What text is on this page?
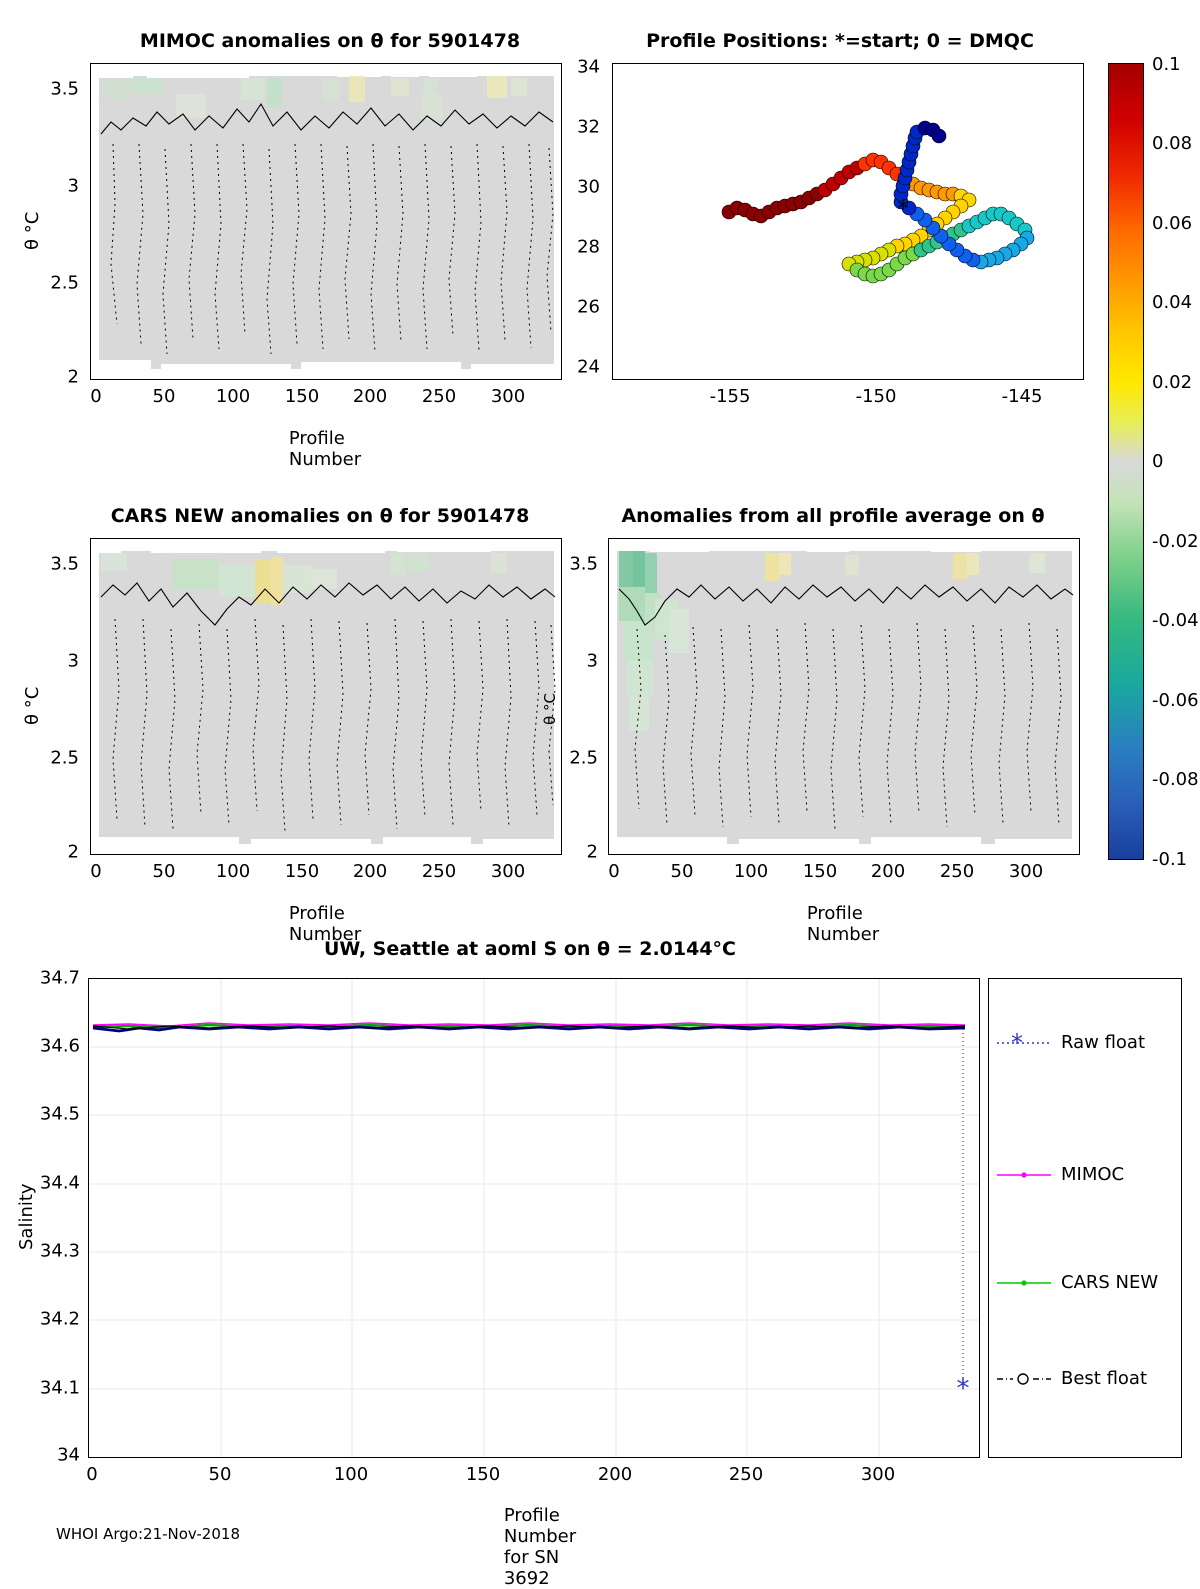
MIMOC anomalies on θ for 5901478
3.5
3
2.5
2
0	50 100 150 200 250 300
Profile Number
θ °C
Profile Positions: *=start; 0 = DMQC
*
34
32
30
28
26
24
-155	-150	-145
0.1
0.08
0.06
0.04
0.02
0
-0.02
-0.04
-0.06
-0.08
-0.1
CARS NEW anomalies on θ for 5901478
3.5
3
2.5
2
0	50 100 150 200 250 300
Profile Number
θ °C
Anomalies from all profile average on θ
3.5
3
2.5
2
0	50 100 150 200 250 300
Profile Number
θ °C
UW, Seattle at aoml S on θ = 2.0144°C
*
34.7
34.6
34.5
34.4
34.3
34.2
34.1
34
0	50	100	150	200	250	300
Profile Number for SN 3692
Salinity
* Raw float
MIMOC
CARS NEW
Best float
WHOI Argo:21-Nov-2018
